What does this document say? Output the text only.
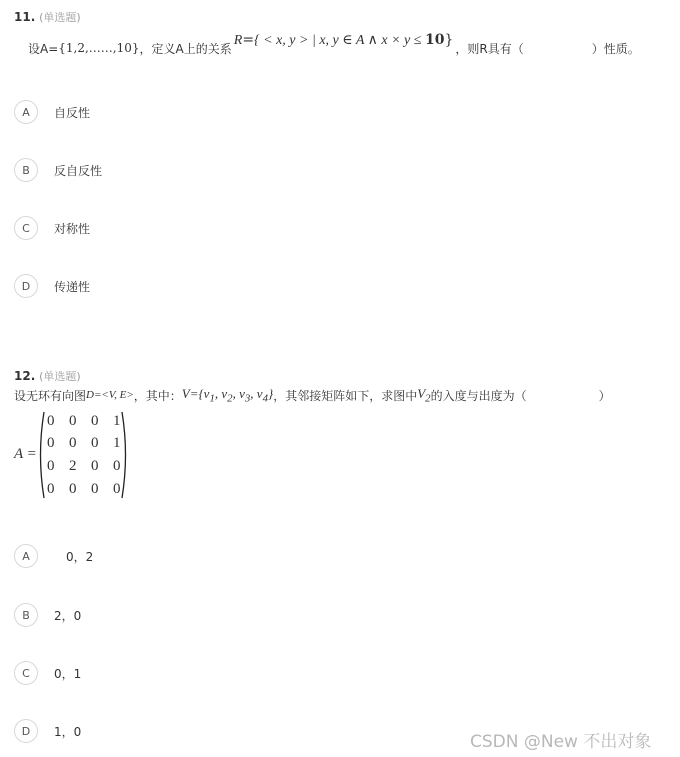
11. (单选题)
设A= {1,2,……,10} ，定义A上的关系
R={ < x, y > | x, y ∈ A ∧ x × y ≤ 10}
，则R具有（	）性质。
A	自反性
B	反自反性
C	对称性
D	传递性
12. (单选题)
设无环有向图 D=<V, E> ，其中： $V=\{v_1$, $v_2$, $v_3$, $v_4$} ，其邻接矩阵如下，求图中 $V_2$ 的入度与出度为（	）
A =
0 0 0 1
0 0 0 1
0 2 0 0
0 0 0 0
A	0，2
B	2，0
C	0，1
D	1，0
CSDN @New 不出对象
